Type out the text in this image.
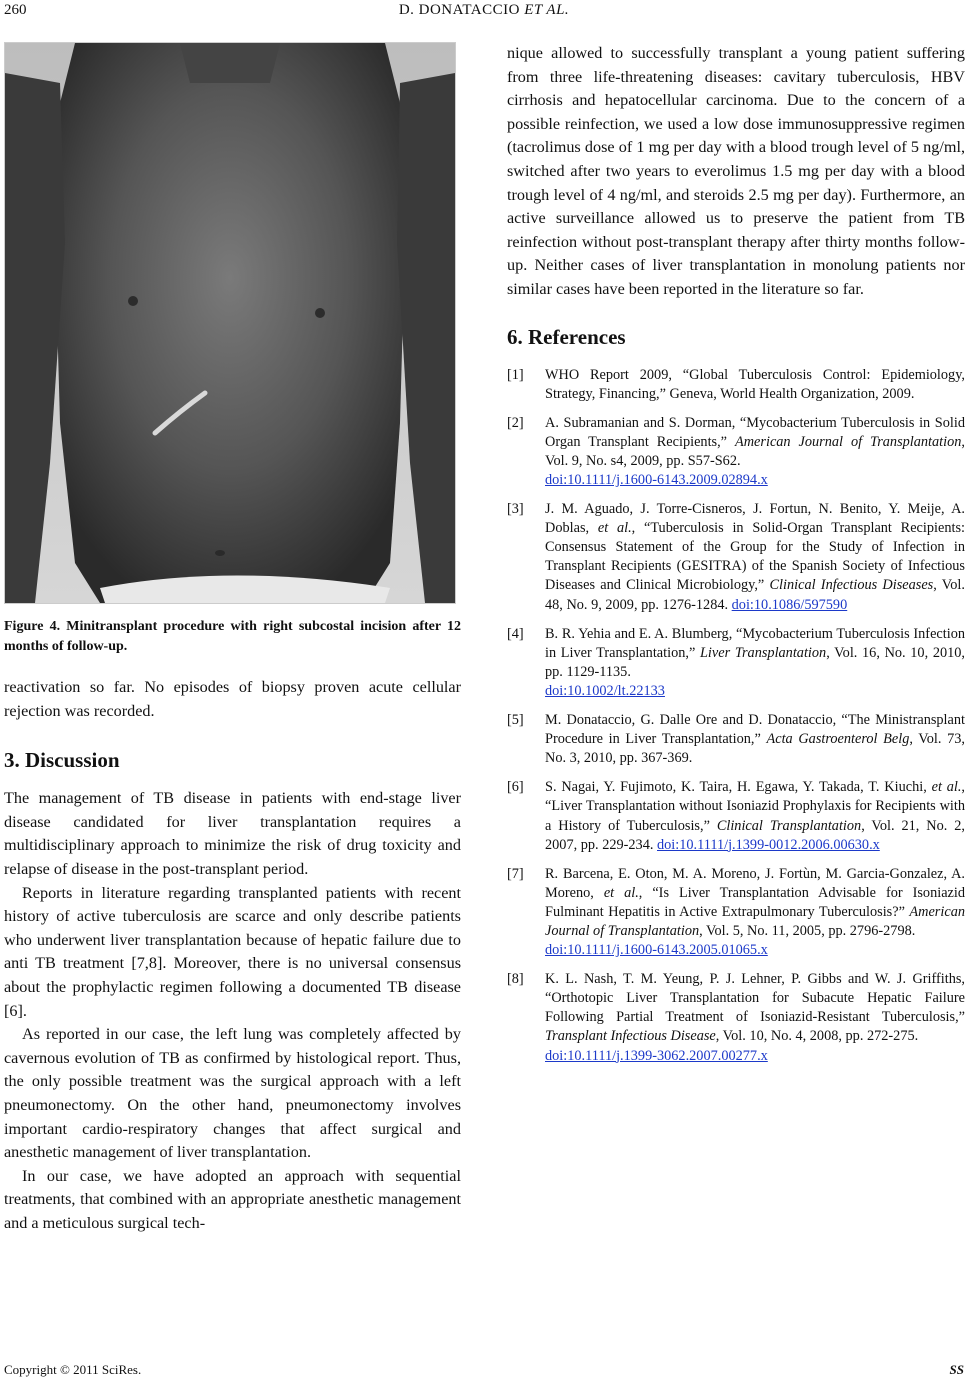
260	D. DONATACCIO ET AL.
Figure 4. Minitransplant procedure with right subcostal incision after 12 months of follow-up.

reactivation so far. No episodes of biopsy proven acute cellular rejection was recorded.

3. Discussion

The management of TB disease in patients with end-stage liver disease candidated for liver transplantation requires a multidisciplinary approach to minimize the risk of drug toxicity and relapse of disease in the post-transplant period.

Reports in literature regarding transplanted patients with recent history of active tuberculosis are scarce and only describe patients who underwent liver transplantation because of hepatic failure due to anti TB treatment [7,8]. Moreover, there is no universal consensus about the prophylactic regimen following a documented TB disease [6].

As reported in our case, the left lung was completely affected by cavernous evolution of TB as confirmed by histological report. Thus, the only possible treatment was the surgical approach with a left pneumonectomy. On the other hand, pneumonectomy involves important cardio-respiratory changes that affect surgical and anesthetic management of liver transplantation.

In our case, we have adopted an approach with sequential treatments, that combined with an appropriate anesthetic management and a meticulous surgical tech-

nique allowed to successfully transplant a young patient suffering from three life-threatening diseases: cavitary tuberculosis, HBV cirrhosis and hepatocellular carcinoma. Due to the concern of a possible reinfection, we used a low dose immunosuppressive regimen (tacrolimus dose of 1 mg per day with a blood trough level of 5 ng/ml, switched after two years to everolimus 1.5 mg per day with a blood trough level of 4 ng/ml, and steroids 2.5 mg per day). Furthermore, an active surveillance allowed us to preserve the patient from TB reinfection without post-transplant therapy after thirty months follow-up. Neither cases of liver transplantation in monolung patients nor similar cases have been reported in the literature so far.

6. References
[1]	WHO Report 2009, “Global Tuberculosis Control: Epidemiology, Strategy, Financing,” Geneva, World Health Organization, 2009.
[2]	A. Subramanian and S. Dorman, “Mycobacterium Tuberculosis in Solid Organ Transplant Recipients,” American Journal of Transplantation, Vol. 9, No. s4, 2009, pp. S57-S62.
doi:10.1111/j.1600-6143.2009.02894.x
[3]	J. M. Aguado, J. Torre-Cisneros, J. Fortun, N. Benito, Y. Meije, A. Doblas, et al., “Tuberculosis in Solid-Organ Transplant Recipients: Consensus Statement of the Group for the Study of Infection in Transplant Recipients (GESITRA) of the Spanish Society of Infectious Diseases and Clinical Microbiology,” Clinical Infectious Diseases, Vol. 48, No. 9, 2009, pp. 1276-1284. doi:10.1086/597590
[4]	B. R. Yehia and E. A. Blumberg, “Mycobacterium Tuberculosis Infection in Liver Transplantation,” Liver Transplantation, Vol. 16, No. 10, 2010, pp. 1129-1135.
doi:10.1002/lt.22133
[5]	M. Donataccio, G. Dalle Ore and D. Donataccio, “The Ministransplant Procedure in Liver Transplantation,” Acta Gastroenterol Belg, Vol. 73, No. 3, 2010, pp. 367-369.
[6]	S. Nagai, Y. Fujimoto, K. Taira, H. Egawa, Y. Takada, T. Kiuchi, et al., “Liver Transplantation without Isoniazid Prophylaxis for Recipients with a History of Tuberculosis,” Clinical Transplantation, Vol. 21, No. 2, 2007, pp. 229-234. doi:10.1111/j.1399-0012.2006.00630.x
[7]	R. Barcena, E. Oton, M. A. Moreno, J. Fortùn, M. Garcia-Gonzalez, A. Moreno, et al., “Is Liver Transplantation Advisable for Isoniazid Fulminant Hepatitis in Active Extrapulmonary Tuberculosis?” American Journal of Transplantation, Vol. 5, No. 11, 2005, pp. 2796-2798.
doi:10.1111/j.1600-6143.2005.01065.x
[8]	K. L. Nash, T. M. Yeung, P. J. Lehner, P. Gibbs and W. J. Griffiths, “Orthotopic Liver Transplantation for Subacute Hepatic Failure Following Partial Treatment of Isoniazid-Resistant Tuberculosis,” Transplant Infectious Disease, Vol. 10, No. 4, 2008, pp. 272-275.
doi:10.1111/j.1399-3062.2007.00277.x
Copyright © 2011 SciRes.	SS
